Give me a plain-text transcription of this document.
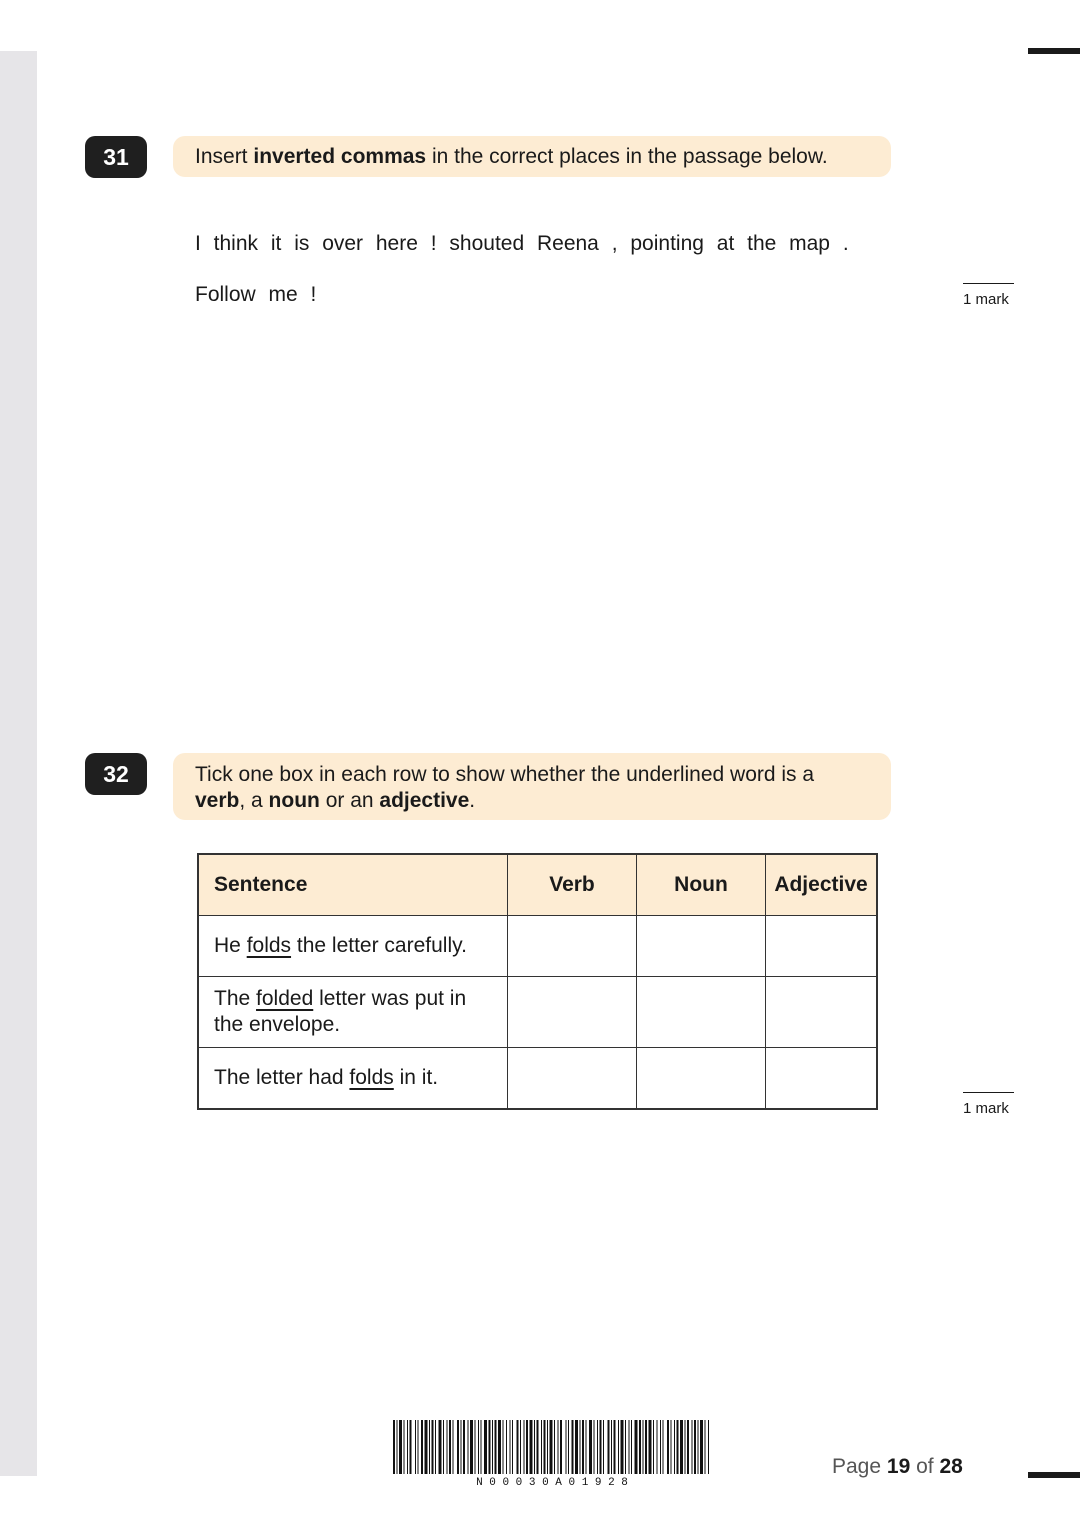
31	Insert inverted commas in the correct places in the passage below.
I think it is over here ! shouted Reena , pointing at the map .
Follow me !	1 mark
32	Tick one box in each row to show whether the underlined word is a
verb, a noun or an adjective.
Sentence	Verb	Noun	Adjective
He folds the letter carefully.			
The folded letter was put in the envelope.			
The letter had folds in it.			
1 mark
N 0 0 0 3 0 A 0 1 9 2 8
Page 19 of 28
